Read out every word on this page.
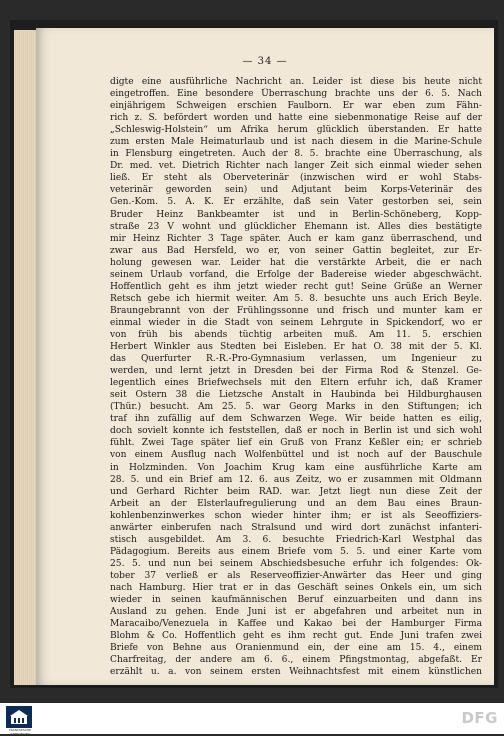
— 34 —
digte eine ausführliche Nachricht an. Leider ist diese bis heute nicht
eingetroffen. Eine besondere Überraschung brachte uns der 6. 5. Nach
einjährigem Schweigen erschien Faulborn. Er war eben zum Fähn-
rich z. S. befördert worden und hatte eine siebenmonatige Reise auf der
„Schleswig-Holstein“ um Afrika herum glücklich überstanden. Er hatte
zum ersten Male Heimaturlaub und ist nach diesem in die Marine-Schule
in Flensburg eingetreten. Auch der 8. 5. brachte eine Überraschung, als
Dr. med. vet. Dietrich Richter nach langer Zeit sich einmal wieder sehen
ließ. Er steht als Oberveterinär (inzwischen wird er wohl Stabs-
veterinär geworden sein) und Adjutant beim Korps-Veterinär des
Gen.-Kom. 5. A. K. Er erzählte, daß sein Vater gestorben sei, sein
Bruder Heinz Bankbeamter ist und in Berlin-Schöneberg, Kopp-
straße 23 V wohnt und glücklicher Ehemann ist. Alles dies bestätigte
mir Heinz Richter 3 Tage später. Auch er kam ganz überraschend, und
zwar aus Bad Hersfeld, wo er, von seiner Gattin begleitet, zur Er-
holung gewesen war. Leider hat die verstärkte Arbeit, die er nach
seinem Urlaub vorfand, die Erfolge der Badereise wieder abgeschwächt.
Hoffentlich geht es ihm jetzt wieder recht gut! Seine Grüße an Werner
Retsch gebe ich hiermit weiter. Am 5. 8. besuchte uns auch Erich Beyle.
Braungebrannt von der Frühlingssonne und frisch und munter kam er
einmal wieder in die Stadt von seinem Lehrgute in Spickendorf, wo er
von früh bis abends tüchtig arbeiten muß. Am 11. 5. erschien
Herbert Winkler aus Stedten bei Eisleben. Er hat O. 38 mit der 5. Kl.
das Querfurter R.-R.-Pro-Gymnasium verlassen, um Ingenieur zu
werden, und lernt jetzt in Dresden bei der Firma Rod & Stenzel. Ge-
legentlich eines Briefwechsels mit den Eltern erfuhr ich, daß Kramer
seit Ostern 38 die Lietzsche Anstalt in Haubinda bei Hildburghausen
(Thür.) besucht. Am 25. 5. war Georg Marks in den Stiftungen; ich
traf ihn zufällig auf dem Schwarzen Wege. Wir beide hatten es eilig,
doch sovielt konnte ich feststellen, daß er noch in Berlin ist und sich wohl
fühlt. Zwei Tage später lief ein Gruß von Franz Keßler ein; er schrieb
von einem Ausflug nach Wolfenbüttel und ist noch auf der Bauschule
in Holzminden. Von Joachim Krug kam eine ausführliche Karte am
28. 5. und ein Brief am 12. 6. aus Zeitz, wo er zusammen mit Oldmann
und Gerhard Richter beim RAD. war. Jetzt liegt nun diese Zeit der
Arbeit an der Elsterlaufregulierung und an dem Bau eines Braun-
kohlenbenzinwerkes schon wieder hinter ihm; er ist als Seeoffiziers-
anwärter einberufen nach Stralsund und wird dort zunächst infanteri-
stisch ausgebildet. Am 3. 6. besuchte Friedrich-Karl Westphal das
Pädagogium. Bereits aus einem Briefe vom 5. 5. und einer Karte vom
25. 5. und nun bei seinem Abschiedsbesuche erfuhr ich folgendes: Ok-
tober 37 verließ er als Reserveoffizier-Anwärter das Heer und ging
nach Hamburg. Hier trat er in das Geschäft seines Onkels ein, um sich
wieder in seinen kaufmännischen Beruf einzuarbeiten und dann ins
Ausland zu gehen. Ende Juni ist er abgefahren und arbeitet nun in
Maracaibo/Venezuela in Kaffee und Kakao bei der Hamburger Firma
Blohm & Co. Hoffentlich geht es ihm recht gut. Ende Juni trafen zwei
Briefe von Behne aus Oranienmund ein, der eine am 15. 4., einem
Charfreitag, der andere am 6. 6., einem Pfingstmontag, abgefaßt. Er
erzählt u. a. von seinem ersten Weihnachtsfest mit einem künstlichen
FRANCKESCHE STIFTUNGEN
DFG
